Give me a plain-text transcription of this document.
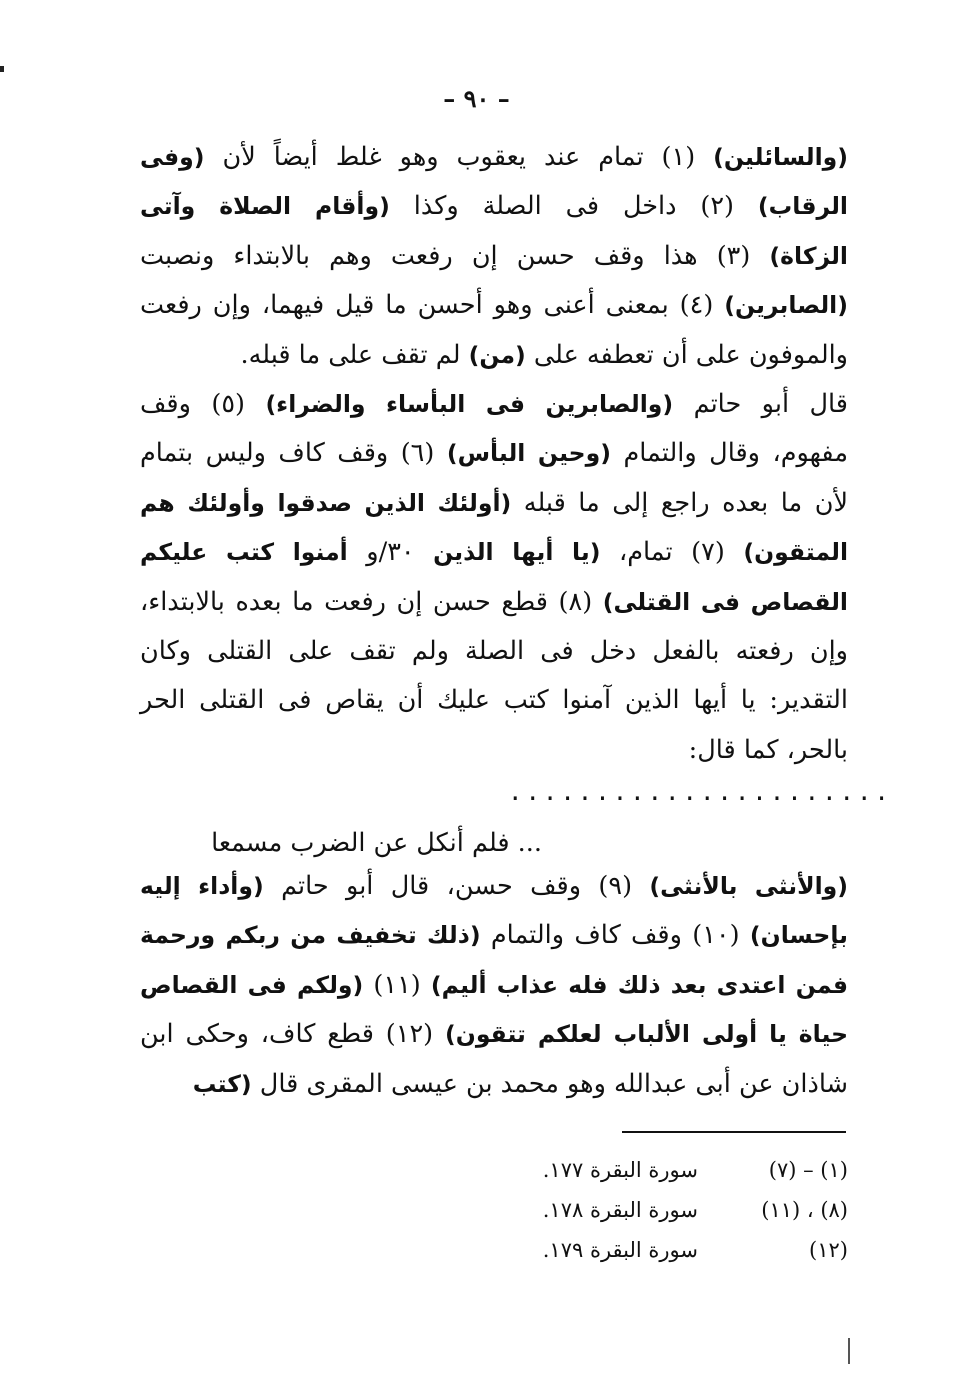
– ٩٠ –
(والسائلين) (١) تمام عند يعقوب وهو غلط أيضاً لأن (وفى
الرقاب) (٢) داخل فى الصلة وكذا (وأقام الصلاة وآتى
الزكاة) (٣) هذا وقف حسن إن رفعت وهم بالابتداء ونصبت
(الصابرين) (٤) بمعنى أعنى وهو أحسن ما قيل فيهما، وإن رفعت
والموفون على أن تعطفه على (من) لم تقف على ما قبله.
قال أبو حاتم (والصابرين فى البأساء والضراء) (٥) وقف
مفهوم، وقال والتمام (وحين البأس) (٦) وقف كاف وليس بتمام
لأن ما بعده راجع إلى ما قبله (أولئك الذين صدقوا وأولئك هم
المتقون) (٧) تمام، (يا أيها الذين ٣٠/و أمنوا كتب عليكم
القصاص فى القتلى) (٨) قطع حسن إن رفعت ما بعده بالابتداء،
وإن رفعته بالفعل دخل فى الصلة ولم تقف على القتلى وكان
التقدير: يا أيها الذين آمنوا كتب عليك أن يقاص فى القتلى الحر
بالحر، كما قال:
......................
... فلم أنكل عن الضرب مسمعا
(والأنثى بالأنثى) (٩) وقف حسن، قال أبو حاتم (وأداء إليه
بإحسان) (١٠) وقف كاف والتمام (ذلك تخفيف من ربكم ورحمة
فمن اعتدى بعد ذلك فله عذاب أليم) (١١) (ولكم فى القصاص
حياة يا أولى الألباب لعلكم تتقون) (١٢) قطع كاف، وحكى ابن
شاذان عن أبى عبدالله وهو محمد بن عيسى المقرى قال (كتب
(١) – (٧)
سورة البقرة ١٧٧.
(٨) ، (١١)
سورة البقرة ١٧٨.
(١٢)
سورة البقرة ١٧٩.
